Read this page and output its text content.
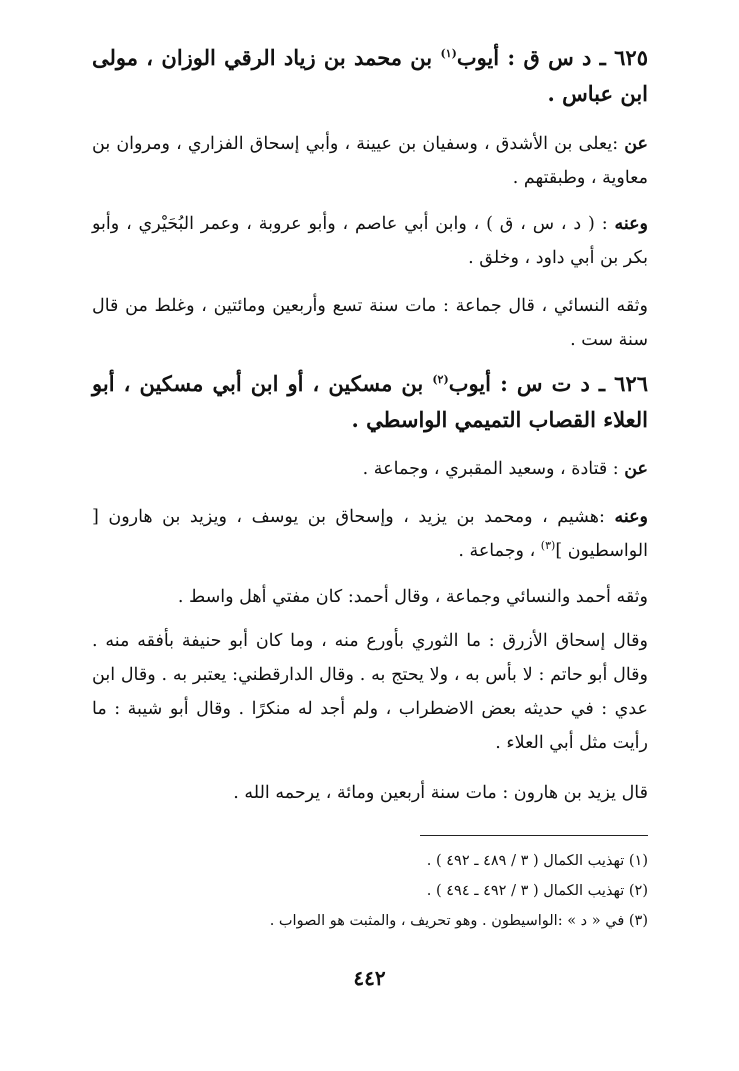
٦٢٥ ـ د س ق : أيوب$^{(١)}$ بن محمد بن زياد الرقي الوزان ، مولى ابن عباس .

عن :يعلى بن الأشدق ، وسفيان بن عيينة ، وأبي إسحاق الفزاري ، ومروان بن معاوية ، وطبقتهم .

وعنه : ( د ، س ، ق ) ، وابن أبي عاصم ، وأبو عروبة ، وعمر البُحَيْري ، وأبو بكر بن أبي داود ، وخلق .

وثقه النسائي ، قال جماعة : مات سنة تسع وأربعين ومائتين ، وغلط من قال سنة ست .

٦٢٦ ـ د ت س : أيوب$^{(٢)}$ بن مسكين ، أو ابن أبي مسكين ، أبو العلاء القصاب التميمي الواسطي .

عن : قتادة ، وسعيد المقبري ، وجماعة .

وعنه :هشيم ، ومحمد بن يزيد ، وإسحاق بن يوسف ، ويزيد بن هارون [ الواسطيون ]$^{(٣)}$ ، وجماعة .

وثقه أحمد والنسائي وجماعة ، وقال أحمد: كان مفتي أهل واسط .

وقال إسحاق الأزرق : ما الثوري بأورع منه ، وما كان أبو حنيفة بأفقه منه . وقال أبو حاتم : لا بأس به ، ولا يحتج به . وقال الدارقطني: يعتبر به . وقال ابن عدي : في حديثه بعض الاضطراب ، ولم أجد له منكرًا . وقال أبو شيبة : ما رأيت مثل أبي العلاء .

قال يزيد بن هارون : مات سنة أربعين ومائة ، يرحمه الله .

(١) تهذيب الكمال ( ٣ / ٤٨٩ ـ ٤٩٢ ) .

(٢) تهذيب الكمال ( ٣ / ٤٩٢ ـ ٤٩٤ ) .

(٣) في « د » :الواسيطون . وهو تحريف ، والمثبت هو الصواب .

٤٤٢
